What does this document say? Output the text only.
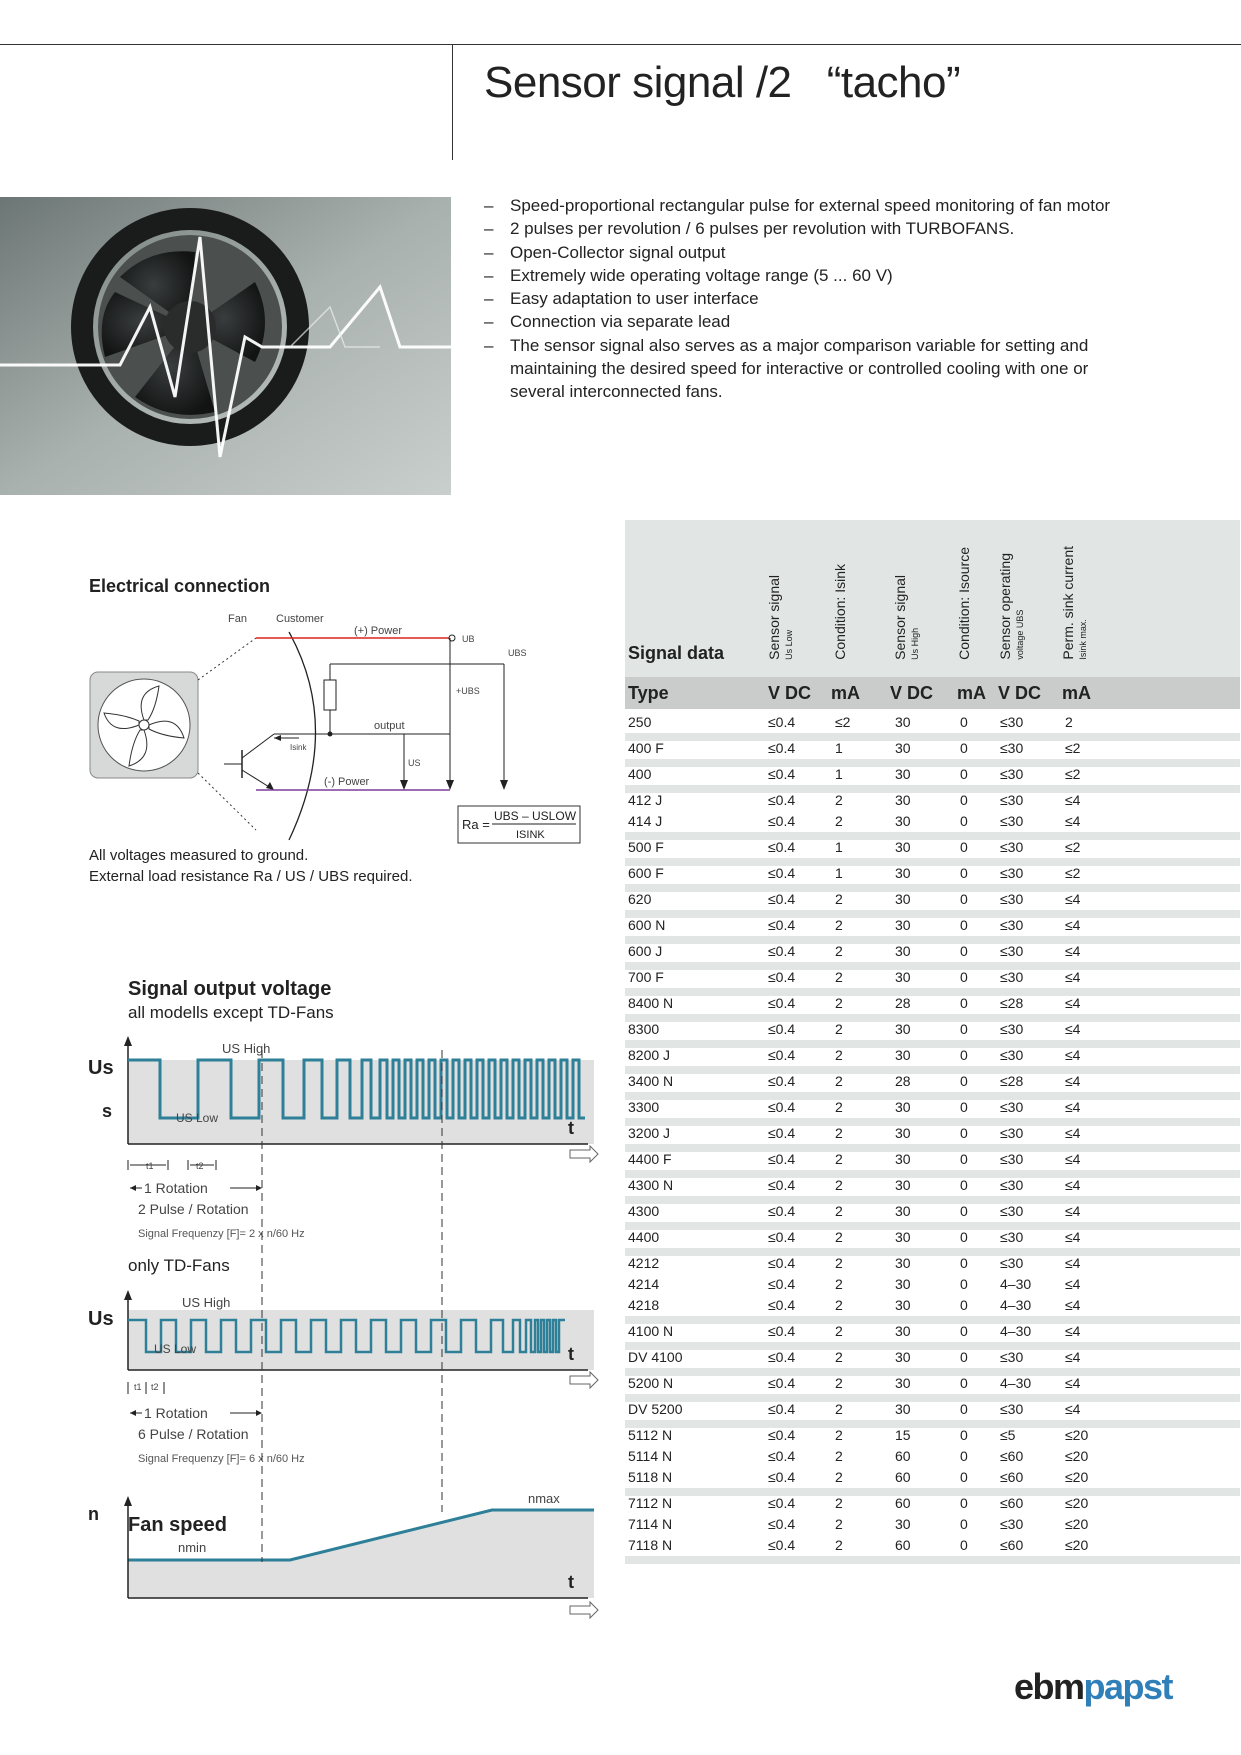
Sensor signal /2   “tacho”
– Speed-proportional rectangular pulse for external speed monitoring of fan motor
– 2 pulses per revolution / 6 pulses per revolution with TURBOFANS.
– Open-Collector signal output
– Extremely wide operating voltage range (5 ... 60 V)
– Easy adaptation to user interface
– Connection via separate lead
– The sensor signal also serves as a major comparison variable for setting and maintaining the desired speed for interactive or controlled cooling with one or several interconnected fans.
Electrical connection
Fan	Customer
(+) Power
UB
output
Isink
(-) Power
US
+UBS
UBS
Ra =
UBS – USLOW
ISINK
All voltages measured to ground.
External load resistance Ra / US / UBS required.
Signal output voltage
all modells except TD-Fans
only TD-Fans
Fan speed
Us
s
US High
US Low	t
t1	t2
1 Rotation
2 Pulse / Rotation
Signal Frequenzy [F]= 2 x n/60 Hz
Us
US High
US Low	t
t1 t2
1 Rotation
6 Pulse / Rotation
Signal Frequenzy [F]= 6 x n/60 Hz
n
nmin
nmax
t
Signal data	Sensor signal Us Low	Condition: Isink	Sensor signal Us High	Condition: Isource Sensor operating voltage UBS	Perm. sink current Isink max.
Type	V DC mA V DC mA V DC mA
250	≤0.4	≤2	30	0 ≤30	2
400 F	≤0.4	1	30	0 ≤30	≤2
400	≤0.4	1	30	0 ≤30	≤2
412 J	≤0.4	2	30	0 ≤30	≤4
414 J	≤0.4	2	30	0 ≤30	≤4
500 F	≤0.4	1	30	0 ≤30	≤2
600 F	≤0.4	1	30	0 ≤30	≤2
620	≤0.4	2	30	0 ≤30	≤4
600 N	≤0.4	2	30	0 ≤30	≤4
600 J	≤0.4	2	30	0 ≤30	≤4
700 F	≤0.4	2	30	0 ≤30	≤4
8400 N	≤0.4	2	28	0 ≤28	≤4
8300	≤0.4	2	30	0 ≤30	≤4
8200 J	≤0.4	2	30	0 ≤30	≤4
3400 N	≤0.4	2	28	0 ≤28	≤4
3300	≤0.4	2	30	0 ≤30	≤4
3200 J	≤0.4	2	30	0 ≤30	≤4
4400 F	≤0.4	2	30	0 ≤30	≤4
4300 N	≤0.4	2	30	0 ≤30	≤4
4300	≤0.4	2	30	0 ≤30	≤4
4400	≤0.4	2	30	0 ≤30	≤4
4212	≤0.4	2	30	0 ≤30	≤4
4214	≤0.4	2	30	0 4–30 ≤4
4218	≤0.4	2	30	0 4–30 ≤4
4100 N	≤0.4	2	30	0 4–30 ≤4
DV 4100	≤0.4	2	30	0 ≤30	≤4
5200 N	≤0.4	2	30	0 4–30 ≤4
DV 5200	≤0.4	2	30	0 ≤30	≤4
5112 N	≤0.4	2	15	0 ≤5	≤20
5114 N	≤0.4	2	60	0 ≤60	≤20
5118 N	≤0.4	2	60	0 ≤60	≤20
7112 N	≤0.4	2	60	0 ≤60	≤20
7114 N	≤0.4	2	30	0 ≤30	≤20
7118 N	≤0.4	2	60	0 ≤60	≤20
ebmpapst
